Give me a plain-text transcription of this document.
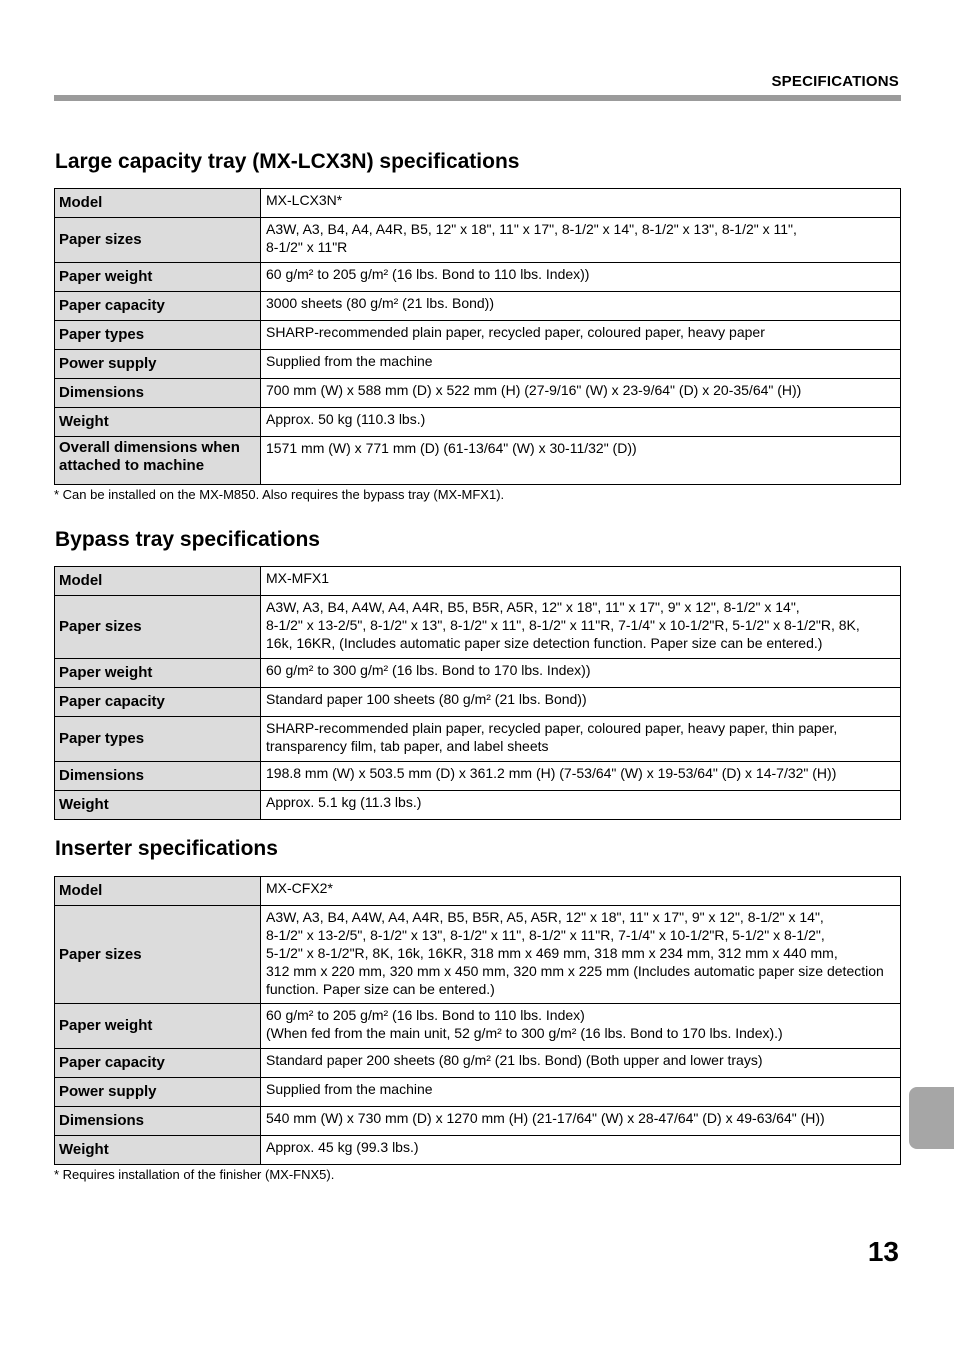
SPECIFICATIONS
Large capacity tray (MX-LCX3N) specifications
Model	MX-LCX3N*
Paper sizes	A3W, A3, B4, A4, A4R, B5, 12" x 18", 11" x 17", 8-1/2" x 14", 8-1/2" x 13", 8-1/2" x 11",
8-1/2" x 11"R
Paper weight	60 g/m² to 205 g/m² (16 lbs. Bond to 110 lbs. Index))
Paper capacity	3000 sheets (80 g/m² (21 lbs. Bond))
Paper types	SHARP-recommended plain paper, recycled paper, coloured paper, heavy paper
Power supply	Supplied from the machine
Dimensions	700 mm (W) x 588 mm (D) x 522 mm (H) (27-9/16" (W) x 23-9/64" (D) x 20-35/64" (H))
Weight	Approx. 50 kg (110.3 lbs.)
Overall dimensions when attached to machine	1571 mm (W) x 771 mm (D) (61-13/64" (W) x 30-11/32" (D))
* Can be installed on the MX-M850. Also requires the bypass tray (MX-MFX1).
Bypass tray specifications
Model	MX-MFX1
Paper sizes	A3W, A3, B4, A4W, A4, A4R, B5, B5R, A5R, 12" x 18", 11" x 17", 9" x 12", 8-1/2" x 14",
8-1/2" x 13-2/5", 8-1/2" x 13", 8-1/2" x 11", 8-1/2" x 11"R, 7-1/4" x 10-1/2"R, 5-1/2" x 8-1/2"R, 8K,
16k, 16KR, (Includes automatic paper size detection function. Paper size can be entered.)
Paper weight	60 g/m² to 300 g/m² (16 lbs. Bond to 170 lbs. Index))
Paper capacity	Standard paper 100 sheets (80 g/m² (21 lbs. Bond))
Paper types	SHARP-recommended plain paper, recycled paper, coloured paper, heavy paper, thin paper,
transparency film, tab paper, and label sheets
Dimensions	198.8 mm (W) x 503.5 mm (D) x 361.2 mm (H) (7-53/64" (W) x 19-53/64" (D) x 14-7/32" (H))
Weight	Approx. 5.1 kg (11.3 lbs.)
Inserter specifications
Model	MX-CFX2*
Paper sizes	A3W, A3, B4, A4W, A4, A4R, B5, B5R, A5, A5R, 12" x 18", 11" x 17", 9" x 12", 8-1/2" x 14",
8-1/2" x 13-2/5", 8-1/2" x 13", 8-1/2" x 11", 8-1/2" x 11"R, 7-1/4" x 10-1/2"R, 5-1/2" x 8-1/2",
5-1/2" x 8-1/2"R, 8K, 16k, 16KR, 318 mm x 469 mm, 318 mm x 234 mm, 312 mm x 440 mm,
312 mm x 220 mm, 320 mm x 450 mm, 320 mm x 225 mm (Includes automatic paper size detection
function. Paper size can be entered.)
Paper weight	60 g/m² to 205 g/m² (16 lbs. Bond to 110 lbs. Index)
(When fed from the main unit, 52 g/m² to 300 g/m² (16 lbs. Bond to 170 lbs. Index).)
Paper capacity	Standard paper 200 sheets (80 g/m² (21 lbs. Bond) (Both upper and lower trays)
Power supply	Supplied from the machine
Dimensions	540 mm (W) x 730 mm (D) x 1270 mm (H) (21-17/64" (W) x 28-47/64" (D) x 49-63/64" (H))
Weight	Approx. 45 kg (99.3 lbs.)
* Requires installation of the finisher (MX-FNX5).
13
